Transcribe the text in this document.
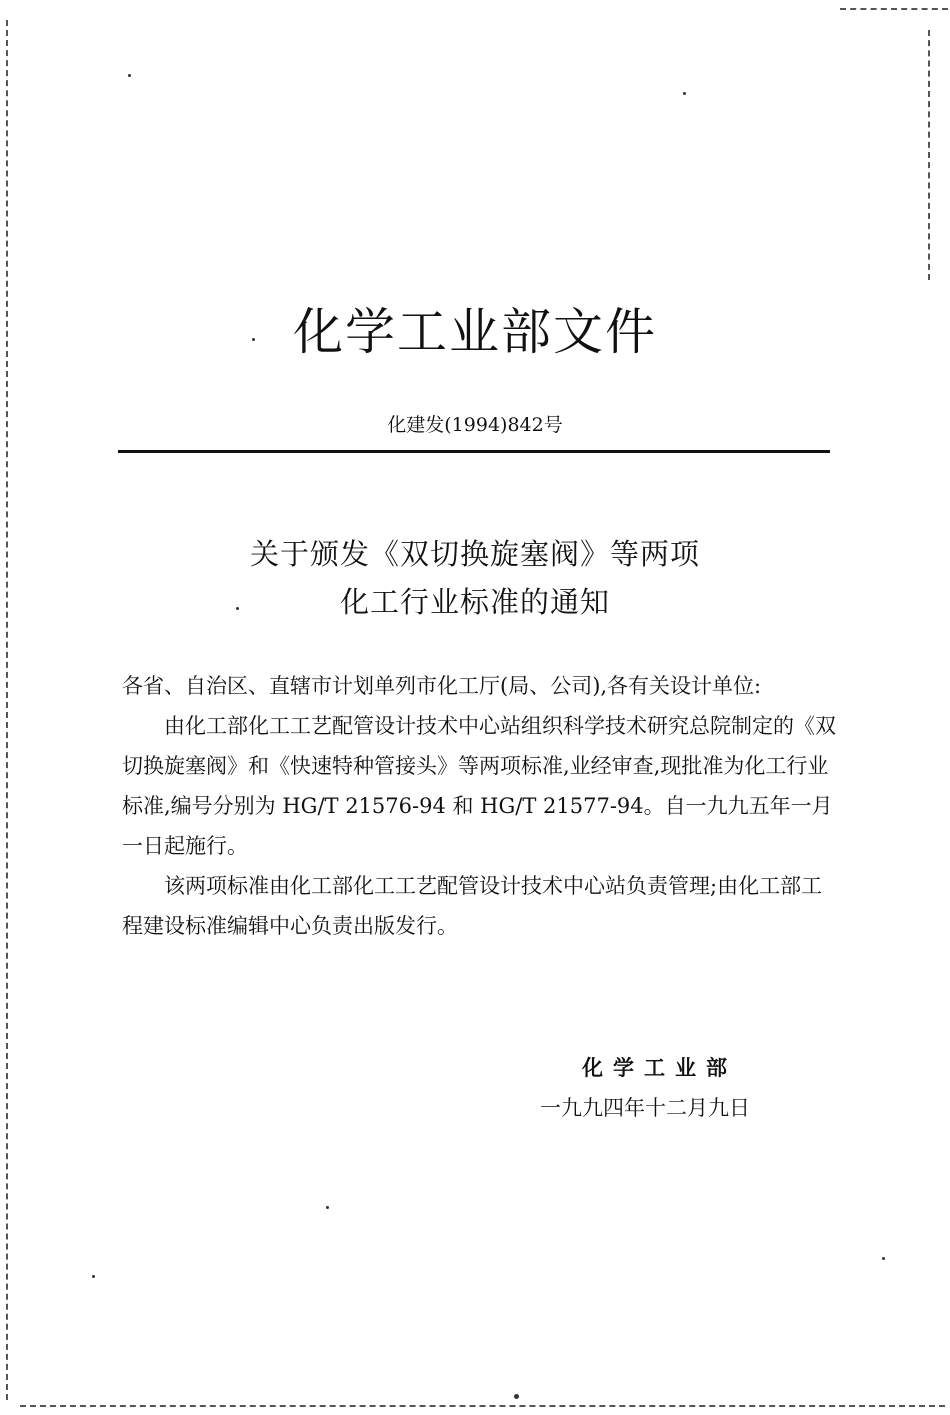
化学工业部文件
化建发(1994)842号
关于颁发《双切换旋塞阀》等两项
化工行业标准的通知

各省、自治区、直辖市计划单列市化工厅(局、公司),各有关设计单位:

由化工部化工工艺配管设计技术中心站组织科学技术研究总院制定的《双切换旋塞阀》和《快速特种管接头》等两项标准,业经审查,现批准为化工行业标准,编号分别为 HG/T 21576-94 和 HG/T 21577-94。自一九九五年一月一日起施行。

该两项标准由化工部化工工艺配管设计技术中心站负责管理;由化工部工程建设标准编辑中心负责出版发行。

化学工业部
一九九四年十二月九日
